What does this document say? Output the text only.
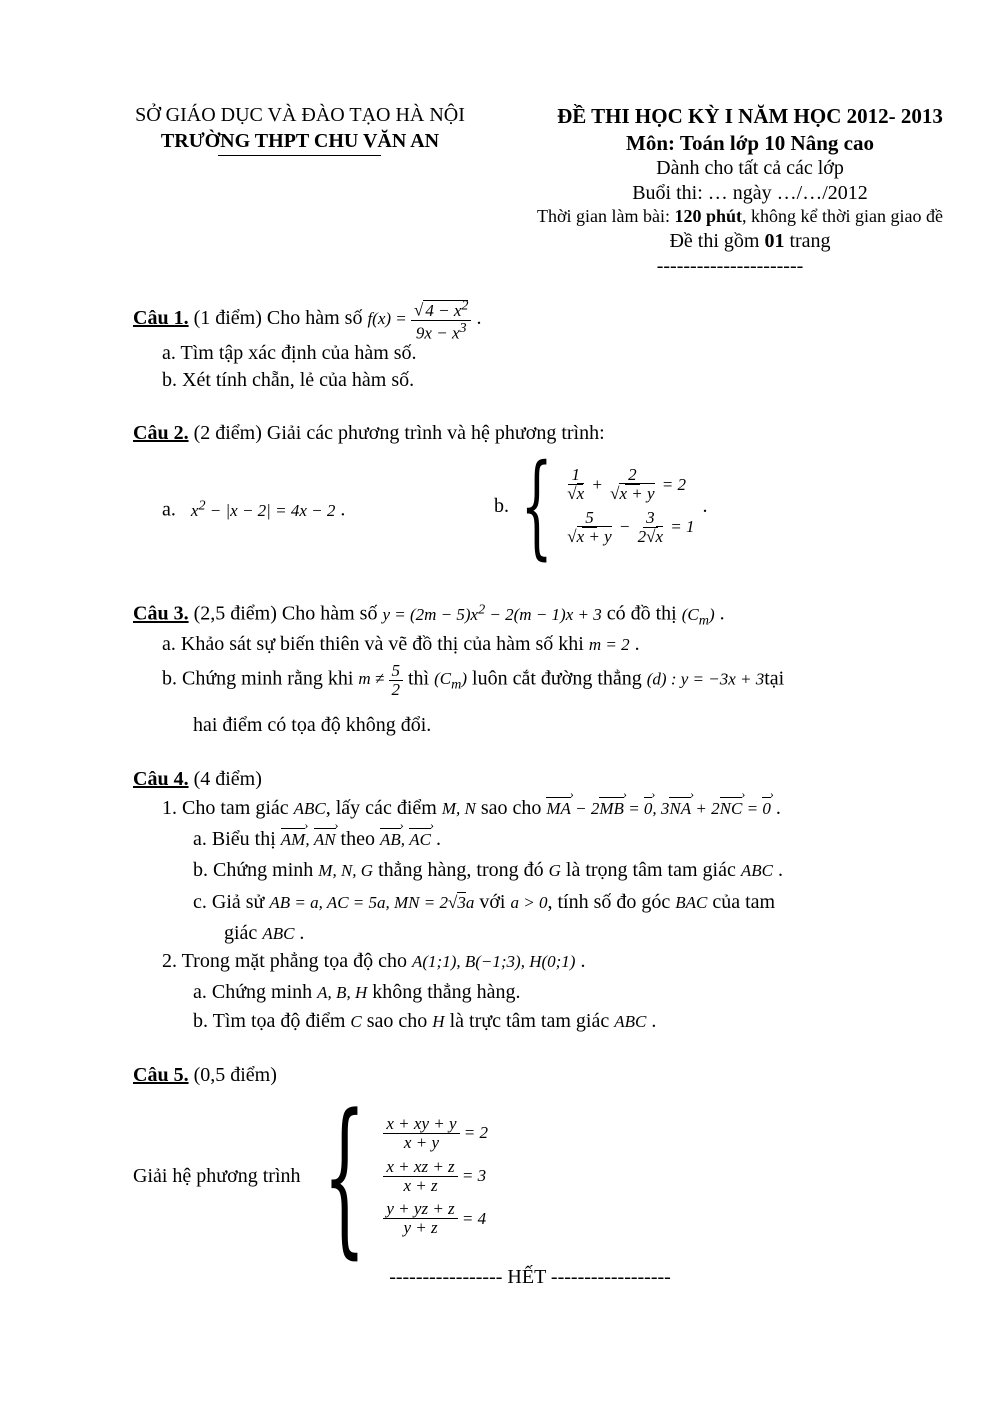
SỞ GIÁO DỤC VÀ ĐÀO TẠO HÀ NỘI
TRƯỜNG THPT CHU VĂN AN
ĐỀ THI HỌC KỲ I NĂM HỌC 2012- 2013
Môn: Toán lớp 10 Nâng cao
Dành cho tất cả các lớp
Buổi thi: … ngày …/…/2012
Thời gian làm bài: 120 phút, không kể thời gian giao đề
Đề thi gồm 01 trang
----------------------
Câu 1. (1 điểm) Cho hàm số $f(x) = \frac{√ 4 - x^2}{9x - x^3}$ .
a. Tìm tập xác định của hàm số.
b. Xét tính chẵn, lẻ của hàm số.
Câu 2. (2 điểm) Giải các phương trình và hệ phương trình:
a. $x^2 - |x - 2| = 4x - 2$ .	b. { $\frac{1}{√x} + \frac{2}{√x + y} = 2$
$\frac{5}{√x + y} - \frac{3}{2√x} = 1$
.
Câu 3. (2,5 điểm) Cho hàm số $y = (2m - 5)x^2 - 2(m - 1)x + 3$ có đồ thị $(C_m)$ .
a. Khảo sát sự biến thiên và vẽ đồ thị của hàm số khi m = 2 .
b. Chứng minh rằng khi $m \ne \frac{5}{2}$ thì $(C_m)$ luôn cắt đường thẳng (d) : y = −3x + 3tại
hai điểm có tọa độ không đổi.
Câu 4. (4 điểm)
1. Cho tam giác ABC, lấy các điểm M, N sao cho MA › − 2MB › = 0 ›, 3NA › + 2NC › = 0 › .
a. Biểu thị AM ›, AN › theo AB ›, AC › .
b. Chứng minh M, N, G thẳng hàng, trong đó G là trọng tâm tam giác ABC .
c. Giả sử AB = a, AC = 5a, MN = 2√3a với a > 0, tính số đo góc BAC của tam
giác ABC .
2. Trong mặt phẳng tọa độ cho A(1;1), B(−1;3), H(0;1) .
a. Chứng minh A, B, H không thẳng hàng.
b. Tìm tọa độ điểm C sao cho H là trực tâm tam giác ABC .
Câu 5. (0,5 điểm)
Giải hệ phương trình { $\frac{x + xy + y}{x + y} = 2$
$\frac{x + xz + z}{x + z} = 3$
$\frac{y + yz + z}{y + z} = 4$
----------------- HẾT ------------------
